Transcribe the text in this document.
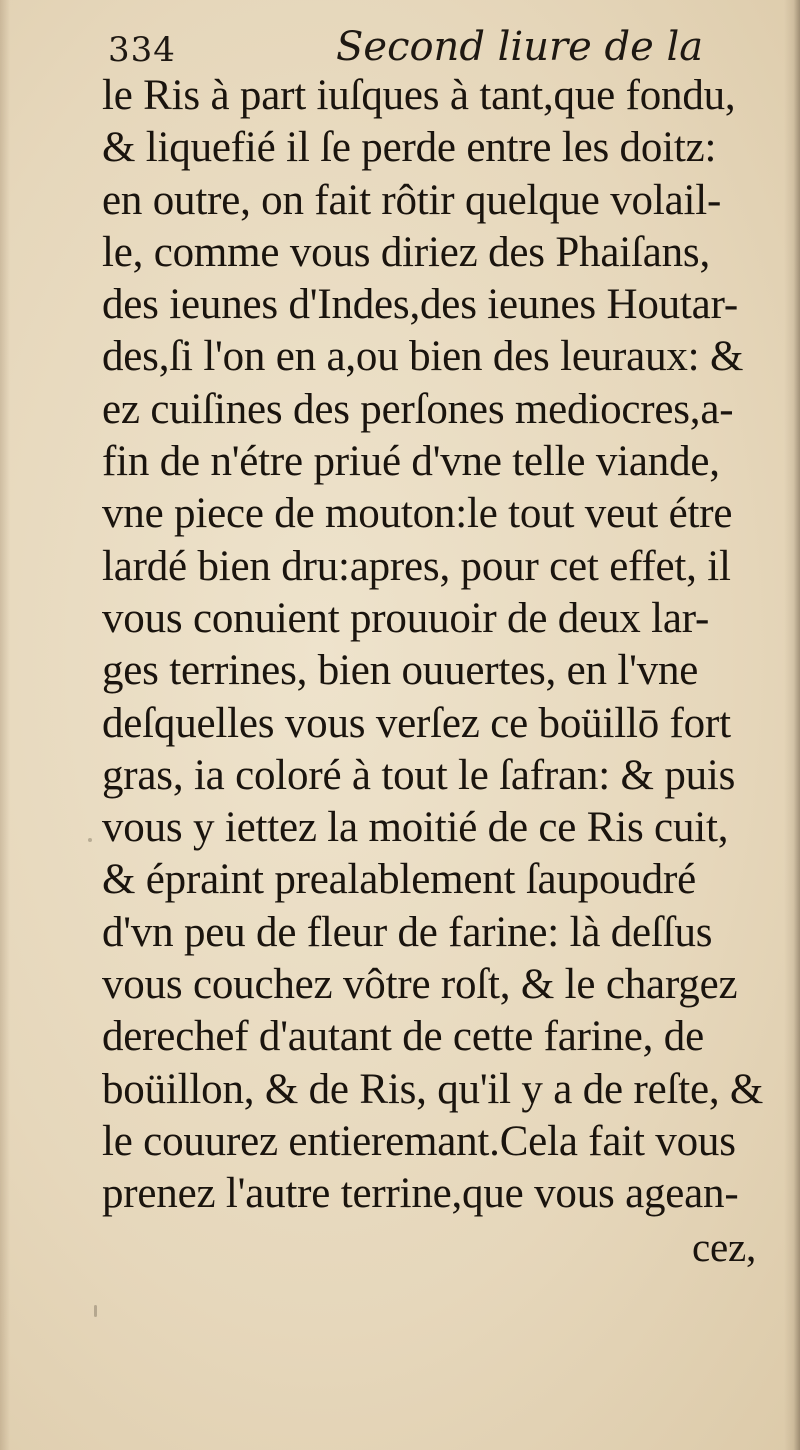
334	Second liure de la
le Ris à part iuſques à tant,que fondu,
& liquefié il ſe perde entre les doitz:
en outre, on fait rôtir quelque volail-
le, comme vous diriez des Phaiſans,
des ieunes d'Indes,des ieunes Houtar-
des,ſi l'on en a,ou bien des leuraux: &
ez cuiſines des perſones mediocres,a-
fin de n'étre priué d'vne telle viande,
vne piece de mouton:le tout veut étre
lardé bien dru:apres, pour cet effet, il
vous conuient prouuoir de deux lar-
ges terrines, bien ouuertes, en l'vne
deſquelles vous verſez ce boüillō fort
gras, ia coloré à tout le ſafran: & puis
vous y iettez la moitié de ce Ris cuit,
& épraint prealablement ſaupoudré
d'vn peu de fleur de farine: là deſſus
vous couchez vôtre roſt, & le chargez
derechef d'autant de cette farine, de
boüillon, & de Ris, qu'il y a de reſte, &
le couurez entieremant.Cela fait vous
prenez l'autre terrine,que vous agean-
cez,
